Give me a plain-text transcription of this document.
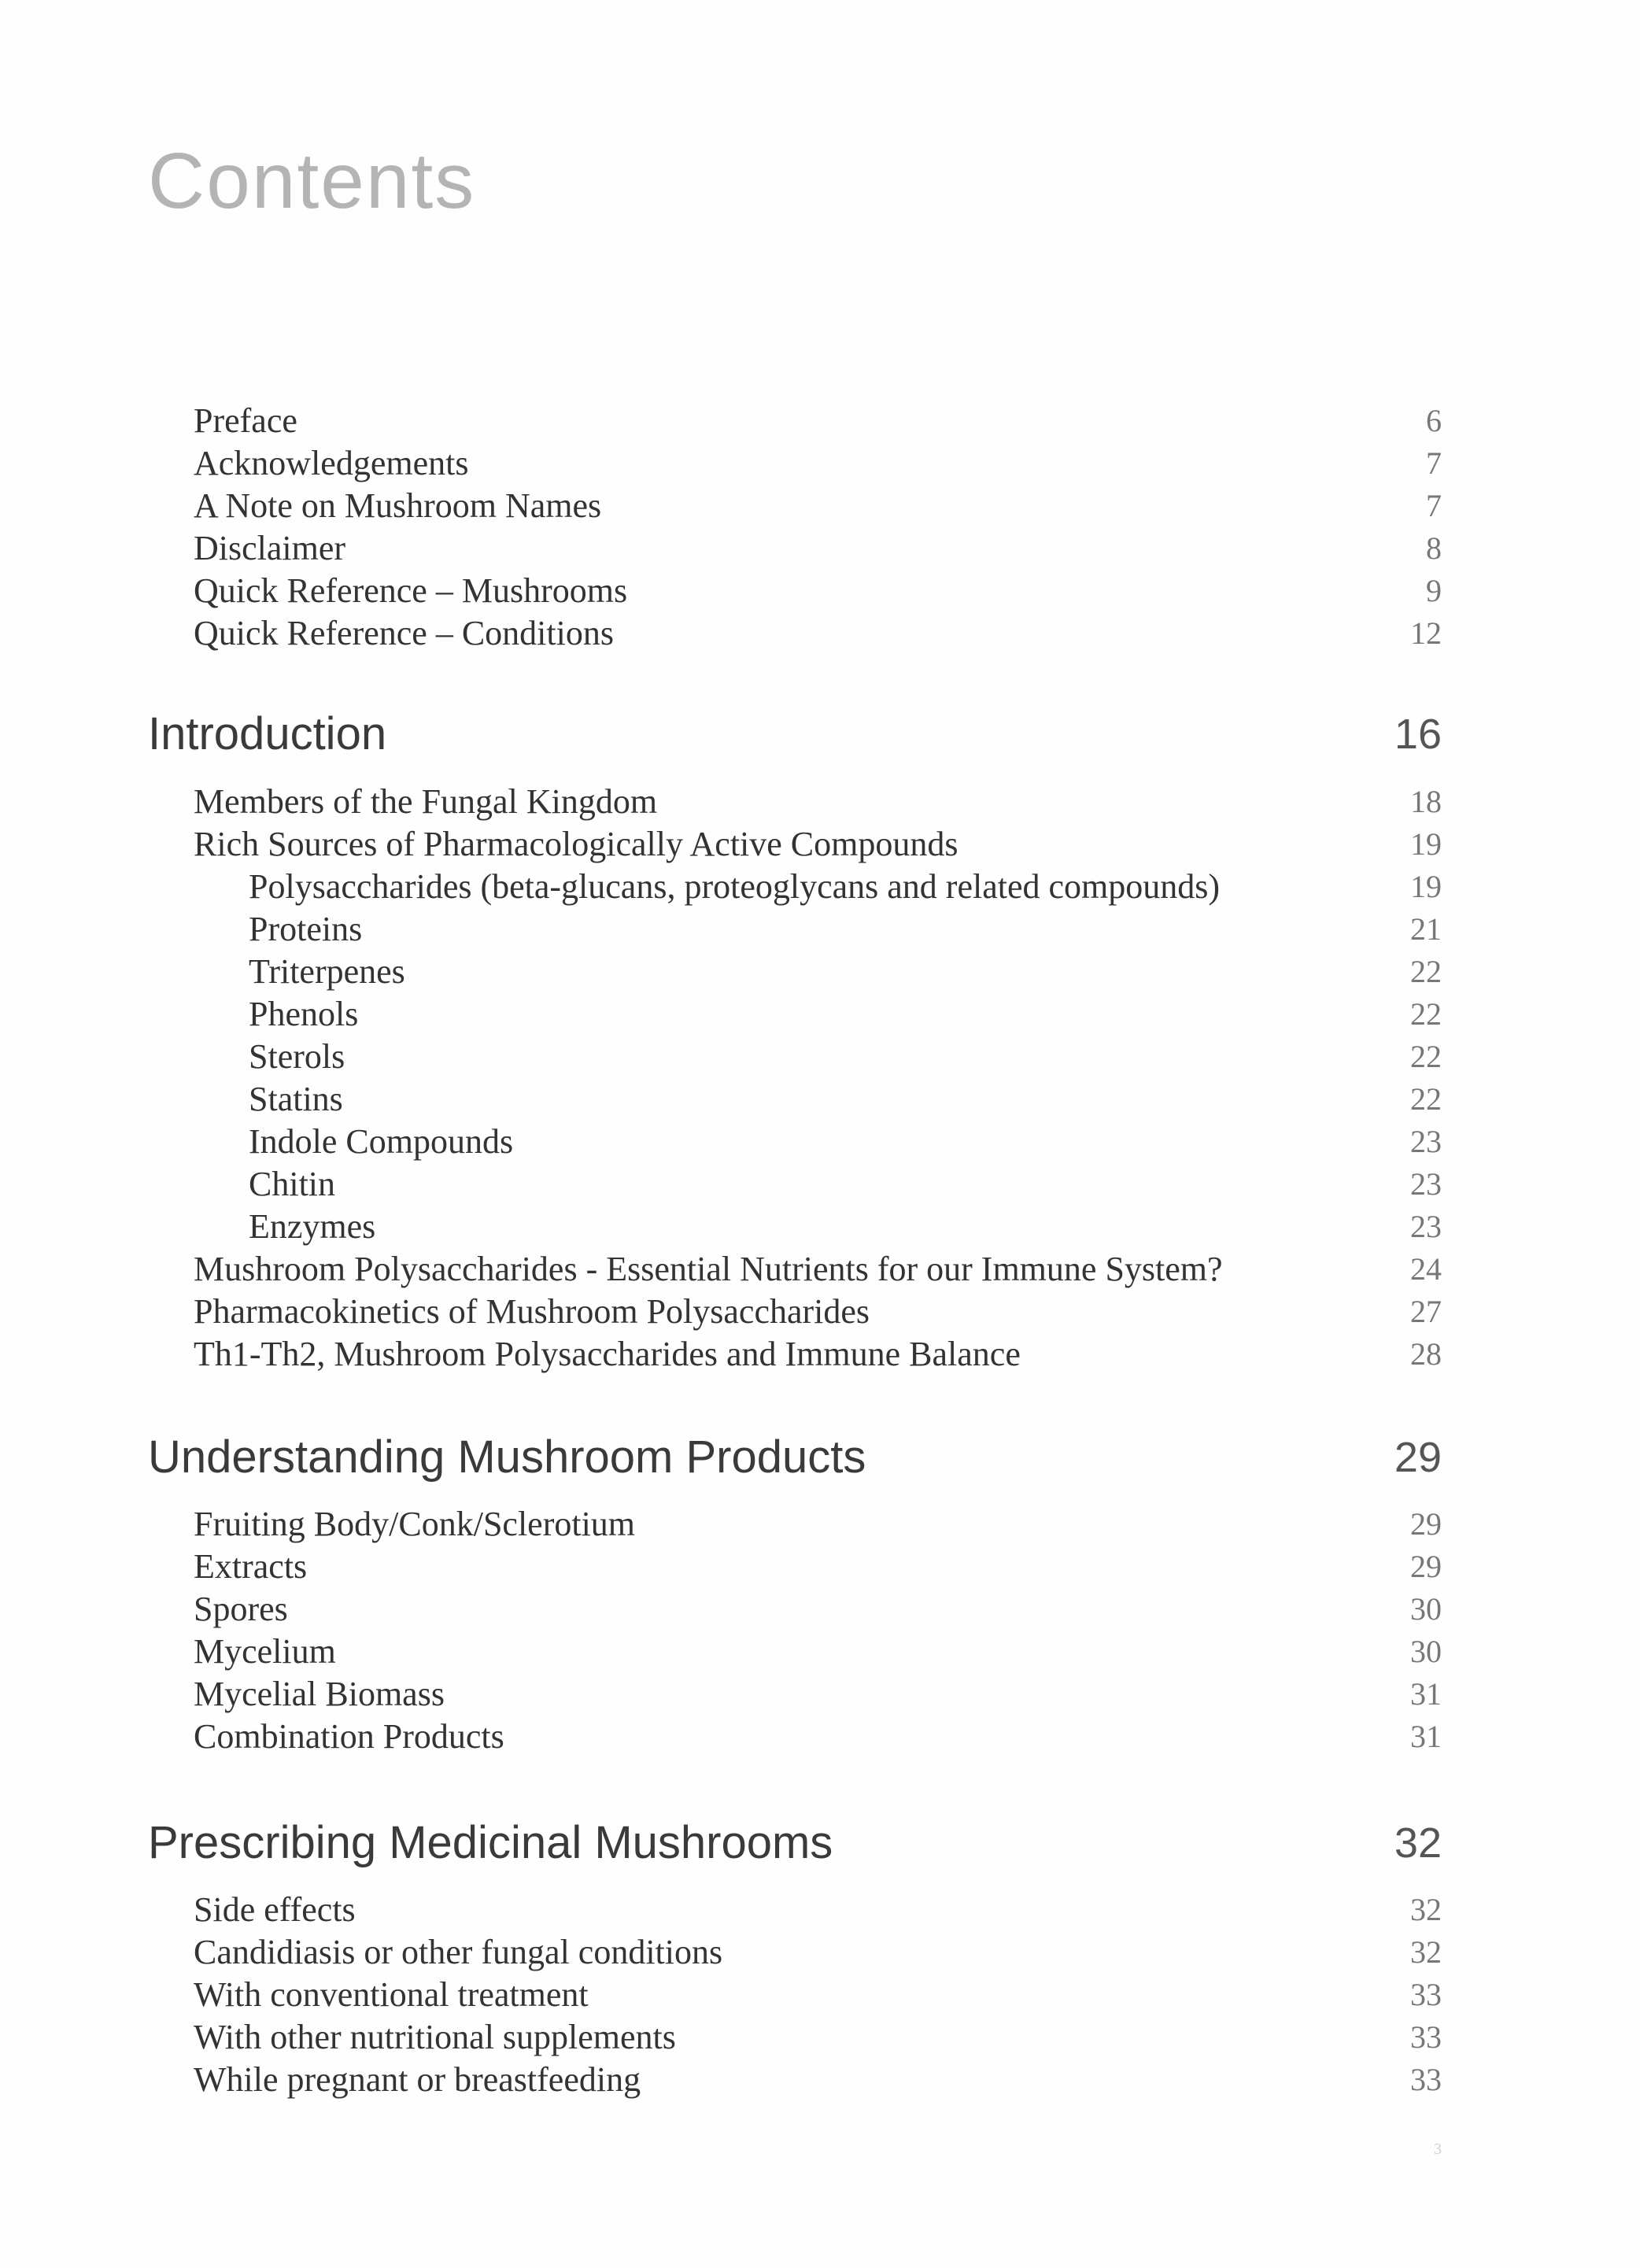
Contents
Preface	6
Acknowledgements	7
A Note on Mushroom Names	7
Disclaimer	8
Quick Reference – Mushrooms	9
Quick Reference – Conditions	12
Introduction	16
Members of the Fungal Kingdom	18
Rich Sources of Pharmacologically Active Compounds	19
Polysaccharides (beta-glucans, proteoglycans and related compounds)	19
Proteins	21
Triterpenes	22
Phenols	22
Sterols	22
Statins	22
Indole Compounds	23
Chitin	23
Enzymes	23
Mushroom Polysaccharides - Essential Nutrients for our Immune System?	24
Pharmacokinetics of Mushroom Polysaccharides	27
Th1-Th2, Mushroom Polysaccharides and Immune Balance	28
Understanding Mushroom Products	29
Fruiting Body/Conk/Sclerotium	29
Extracts	29
Spores	30
Mycelium	30
Mycelial Biomass	31
Combination Products	31
Prescribing Medicinal Mushrooms	32
Side effects	32
Candidiasis or other fungal conditions	32
With conventional treatment	33
With other nutritional supplements	33
While pregnant or breastfeeding	33
3
